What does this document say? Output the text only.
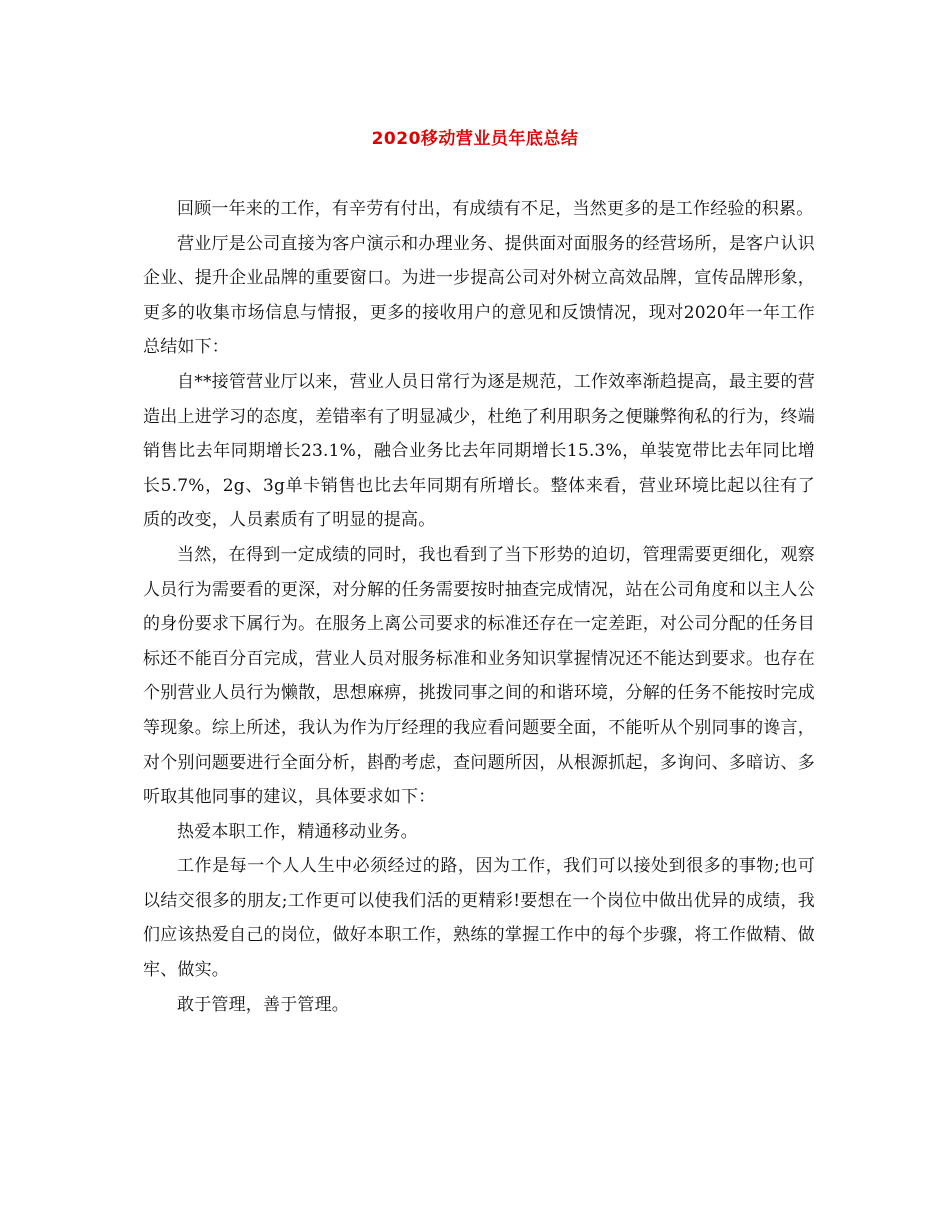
2020移动营业员年底总结

回顾一年来的工作，有辛劳有付出，有成绩有不足，当然更多的是工作经验的积累。

营业厅是公司直接为客户演示和办理业务、提供面对面服务的经营场所，是客户认识企业、提升企业品牌的重要窗口。为进一步提高公司对外树立高效品牌，宣传品牌形象，更多的收集市场信息与情报，更多的接收用户的意见和反馈情况，现对2020年一年工作总结如下：

自**接管营业厅以来，营业人员日常行为逐是规范，工作效率渐趋提高，最主要的营造出上进学习的态度，差错率有了明显减少，杜绝了利用职务之便賺弊徇私的行为，终端销售比去年同期增长23.1%，融合业务比去年同期增长15.3%，单装宽带比去年同比增长5.7%，2g、3g单卡销售也比去年同期有所增长。整体来看，营业环境比起以往有了质的改变，人员素质有了明显的提高。

当然，在得到一定成绩的同时，我也看到了当下形势的迫切，管理需要更细化，观察人员行为需要看的更深，对分解的任务需要按时抽查完成情况，站在公司角度和以主人公的身份要求下属行为。在服务上离公司要求的标准还存在一定差距，对公司分配的任务目标还不能百分百完成，营业人员对服务标准和业务知识掌握情况还不能达到要求。也存在个别营业人员行为懒散，思想麻痹，挑拨同事之间的和谐环境，分解的任务不能按时完成等现象。综上所述，我认为作为厅经理的我应看问题要全面，不能听从个别同事的谗言，对个别问题要进行全面分析，斟酌考虑，查问题所因，从根源抓起，多询问、多暗访、多听取其他同事的建议，具体要求如下：

热爱本职工作，精通移动业务。

工作是每一个人人生中必须经过的路，因为工作，我们可以接处到很多的事物;也可以结交很多的朋友;工作更可以使我们活的更精彩!要想在一个岗位中做出优异的成绩，我们应该热爱自己的岗位，做好本职工作，熟练的掌握工作中的每个步骤，将工作做精、做牢、做实。

敢于管理，善于管理。
